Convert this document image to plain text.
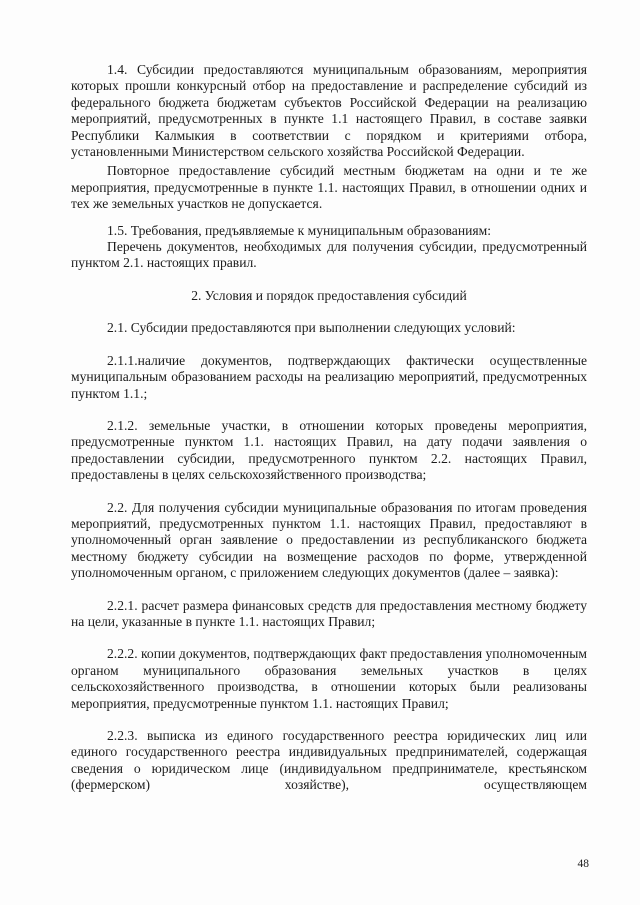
1.4. Субсидии предоставляются муниципальным образованиям, мероприятия которых прошли конкурсный отбор на предоставление и распределение субсидий из федерального бюджета бюджетам субъектов Российской Федерации на реализацию мероприятий, предусмотренных в пункте 1.1 настоящего Правил, в составе заявки Республики Калмыкия в соответствии с порядком и критериями отбора, установленными Министерством сельского хозяйства Российской Федерации.

Повторное предоставление субсидий местным бюджетам на одни и те же мероприятия, предусмотренные в пункте 1.1. настоящих Правил, в отношении одних и тех же земельных участков не допускается.

1.5. Требования, предъявляемые к муниципальным образованиям:

Перечень документов, необходимых для получения субсидии, предусмотренный пунктом 2.1. настоящих правил.

2. Условия и порядок предоставления субсидий

2.1. Субсидии предоставляются при выполнении следующих условий:

2.1.1.наличие документов, подтверждающих фактически осуществленные муниципальным образованием расходы на реализацию мероприятий, предусмотренных пунктом 1.1.;

2.1.2. земельные участки, в отношении которых проведены мероприятия, предусмотренные пунктом 1.1. настоящих Правил, на дату подачи заявления о предоставлении субсидии, предусмотренного пунктом 2.2. настоящих Правил, предоставлены в целях сельскохозяйственного производства;

2.2. Для получения субсидии муниципальные образования по итогам проведения мероприятий, предусмотренных пунктом 1.1. настоящих Правил, предоставляют в уполномоченный орган заявление о предоставлении из республиканского бюджета местному бюджету субсидии на возмещение расходов по форме, утвержденной уполномоченным органом, с приложением следующих документов (далее – заявка):

2.2.1. расчет размера финансовых средств для предоставления местному бюджету на цели, указанные в пункте 1.1. настоящих Правил;

2.2.2. копии документов, подтверждающих факт предоставления уполномоченным органом муниципального образования земельных участков в целях сельскохозяйственного производства, в отношении которых были реализованы мероприятия, предусмотренные пунктом 1.1. настоящих Правил;

2.2.3. выписка из единого государственного реестра юридических лиц или единого государственного реестра индивидуальных предпринимателей, содержащая сведения о юридическом лице (индивидуальном предпринимателе, крестьянском (фермерском) хозяйстве), осуществляющем

48
